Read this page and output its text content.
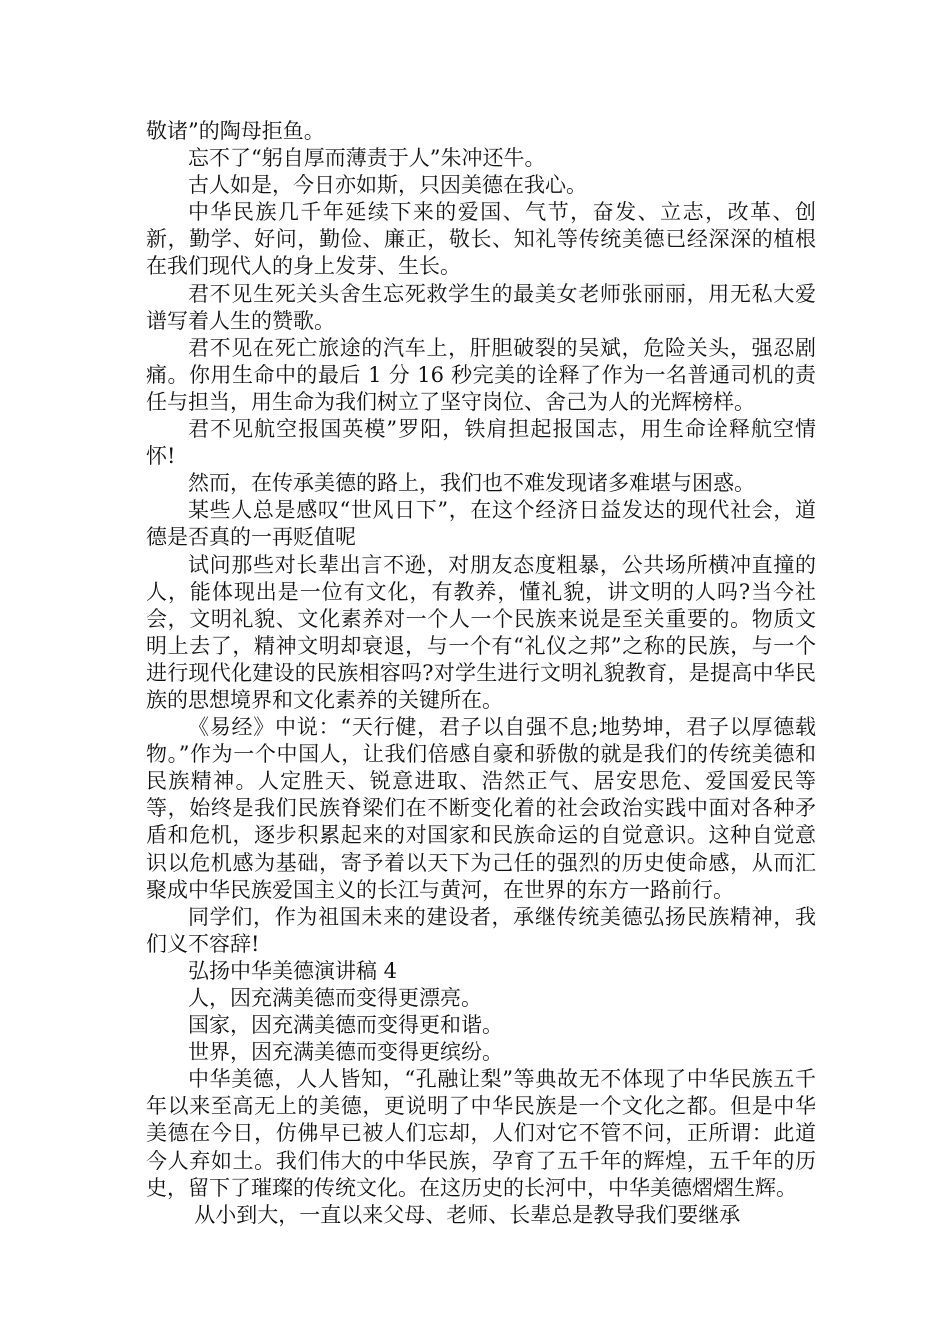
敬诸”的陶母拒鱼。

忘不了“躬自厚而薄责于人”朱冲还牛。

古人如是，今日亦如斯，只因美德在我心。

中华民族几千年延续下来的爱国、气节，奋发、立志，改革、创新，勤学、好问，勤俭、廉正，敬长、知礼等传统美德已经深深的植根在我们现代人的身上发芽、生长。

君不见生死关头舍生忘死救学生的最美女老师张丽丽，用无私大爱谱写着人生的赞歌。

君不见在死亡旅途的汽车上，肝胆破裂的吴斌，危险关头，强忍剧痛。你用生命中的最后 1 分 16 秒完美的诠释了作为一名普通司机的责任与担当，用生命为我们树立了坚守岗位、舍己为人的光辉榜样。

君不见航空报国英模”罗阳，铁肩担起报国志，用生命诠释航空情怀!

然而，在传承美德的路上，我们也不难发现诸多难堪与困惑。

某些人总是感叹“世风日下”，在这个经济日益发达的现代社会，道德是否真的一再贬值呢

试问那些对长辈出言不逊，对朋友态度粗暴，公共场所横冲直撞的人，能体现出是一位有文化，有教养，懂礼貌，讲文明的人吗?当今社会，文明礼貌、文化素养对一个人一个民族来说是至关重要的。物质文明上去了，精神文明却衰退，与一个有“礼仪之邦”之称的民族，与一个进行现代化建设的民族相容吗?对学生进行文明礼貌教育，是提高中华民族的思想境界和文化素养的关键所在。

《易经》中说：“天行健，君子以自强不息;地势坤，君子以厚德载物。”作为一个中国人，让我们倍感自豪和骄傲的就是我们的传统美德和民族精神。人定胜天、锐意进取、浩然正气、居安思危、爱国爱民等等，始终是我们民族脊梁们在不断变化着的社会政治实践中面对各种矛盾和危机，逐步积累起来的对国家和民族命运的自觉意识。这种自觉意识以危机感为基础，寄予着以天下为己任的强烈的历史使命感，从而汇聚成中华民族爱国主义的长江与黄河，在世界的东方一路前行。

同学们，作为祖国未来的建设者，承继传统美德弘扬民族精神，我们义不容辞!

弘扬中华美德演讲稿 4

人，因充满美德而变得更漂亮。

国家，因充满美德而变得更和谐。

世界，因充满美德而变得更缤纷。

中华美德，人人皆知，“孔融让梨”等典故无不体现了中华民族五千年以来至高无上的美德，更说明了中华民族是一个文化之都。但是中华美德在今日，仿佛早已被人们忘却，人们对它不管不问，正所谓：此道今人弃如土。我们伟大的中华民族，孕育了五千年的辉煌，五千年的历史，留下了璀璨的传统文化。在这历史的长河中，中华美德熠熠生辉。

从小到大，一直以来父母、老师、长辈总是教导我们要继承
